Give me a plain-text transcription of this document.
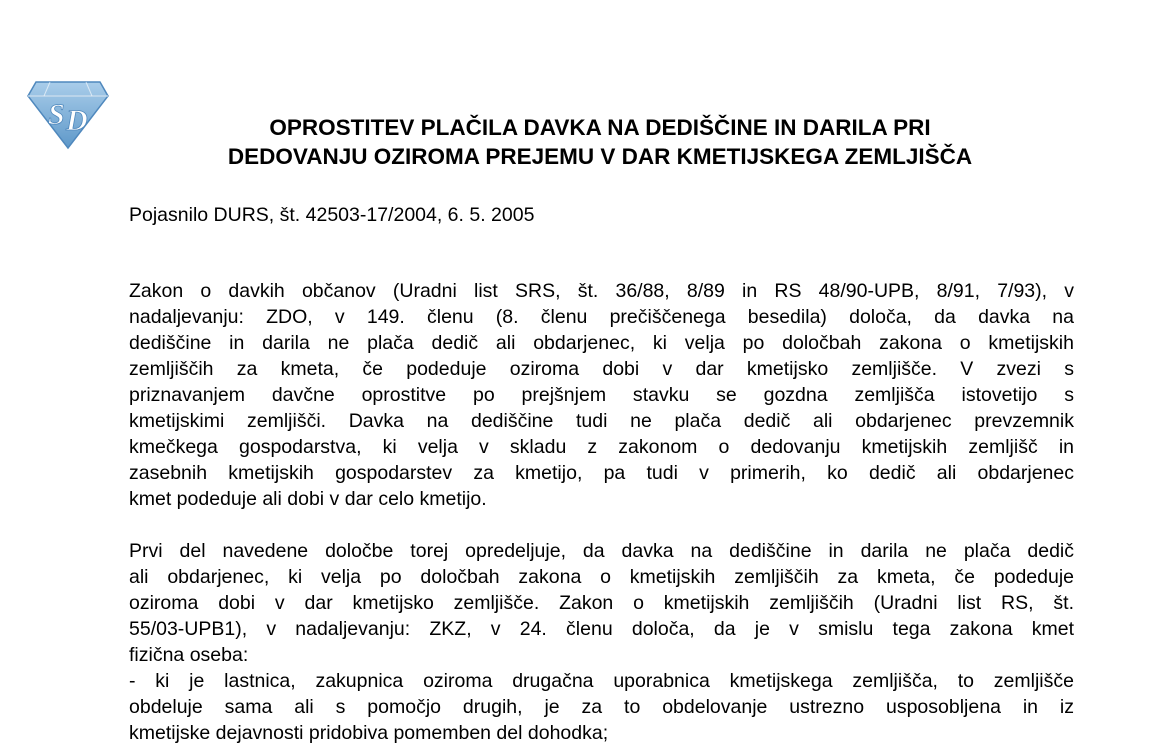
S D	OPROSTITEV PLAČILA DAVKA NA DEDIŠČINE IN DARILA PRI
DEDOVANJU OZIROMA PREJEMU V DAR KMETIJSKEGA ZEMLJIŠČA

Pojasnilo DURS, št. 42503-17/2004, 6. 5. 2005

Zakon o davkih občanov (Uradni list SRS, št. 36/88, 8/89 in RS 48/90-UPB, 8/91, 7/93), v
nadaljevanju: ZDO, v 149. členu (8. členu prečiščenega besedila) določa, da davka na
dediščine in darila ne plača dedič ali obdarjenec, ki velja po določbah zakona o kmetijskih
zemljiščih za kmeta, če podeduje oziroma dobi v dar kmetijsko zemljišče. V zvezi s
priznavanjem davčne oprostitve po prejšnjem stavku se gozdna zemljišča istovetijo s
kmetijskimi zemljišči. Davka na dediščine tudi ne plača dedič ali obdarjenec prevzemnik
kmečkega gospodarstva, ki velja v skladu z zakonom o dedovanju kmetijskih zemljišč in
zasebnih kmetijskih gospodarstev za kmetijo, pa tudi v primerih, ko dedič ali obdarjenec
kmet podeduje ali dobi v dar celo kmetijo.
Prvi del navedene določbe torej opredeljuje, da davka na dediščine in darila ne plača dedič
ali obdarjenec, ki velja po določbah zakona o kmetijskih zemljiščih za kmeta, če podeduje
oziroma dobi v dar kmetijsko zemljišče. Zakon o kmetijskih zemljiščih (Uradni list RS, št.
55/03-UPB1), v nadaljevanju: ZKZ, v 24. členu določa, da je v smislu tega zakona kmet
fizična oseba:
- ki je lastnica, zakupnica oziroma drugačna uporabnica kmetijskega zemljišča, to zemljišče
obdeluje sama ali s pomočjo drugih, je za to obdelovanje ustrezno usposobljena in iz
kmetijske dejavnosti pridobiva pomemben del dohodka;
